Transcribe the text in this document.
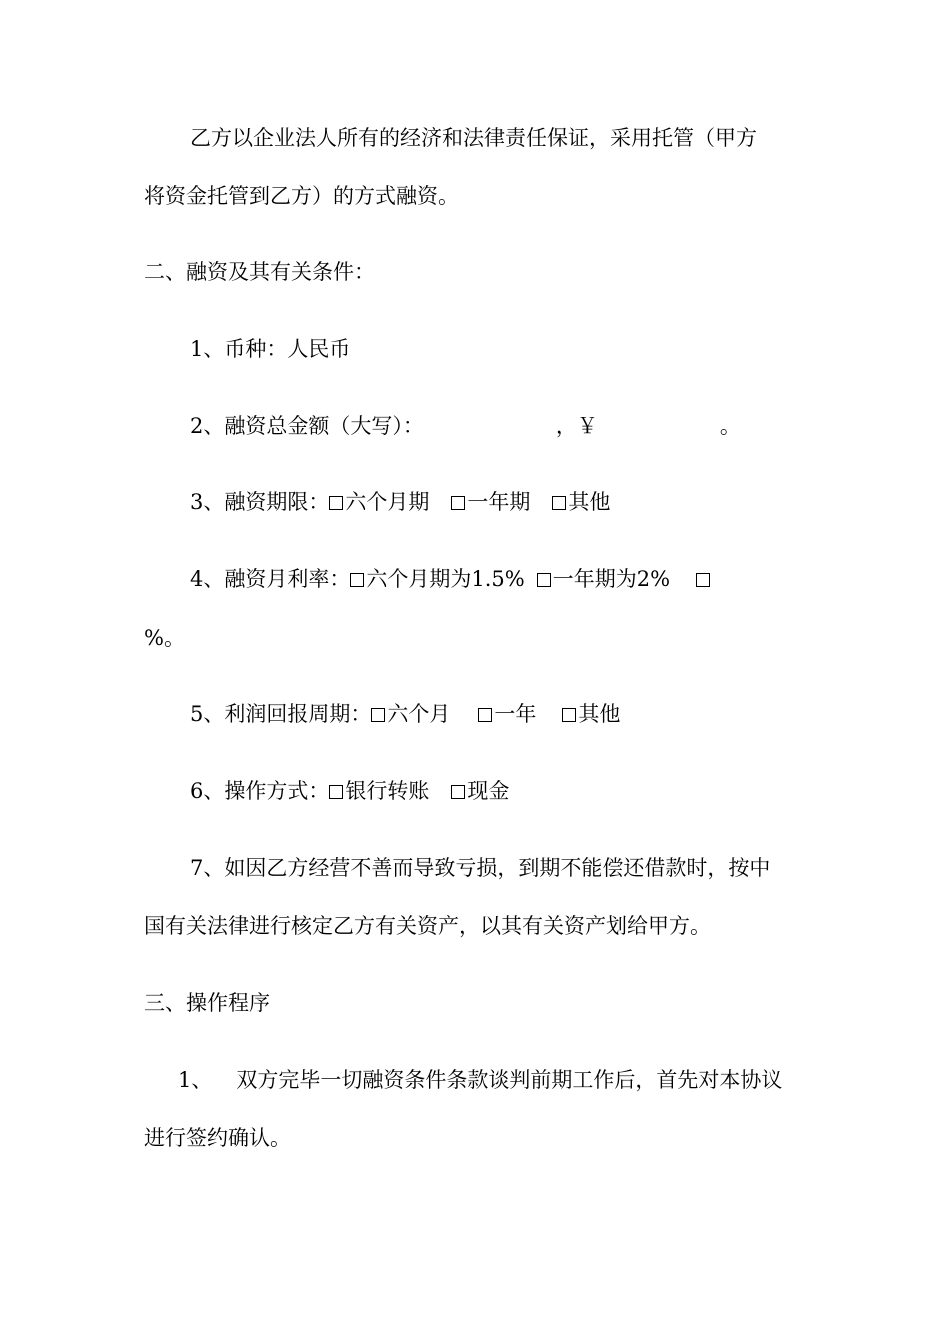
乙方以企业法人所有的经济和法律责任保证，采用托管（甲方
将资金托管到乙方）的方式融资。
二、融资及其有关条件：
1、币种：人民币
2、融资总金额（大写）：	，￥	。
3、融资期限： 六个月期 一年期 其他
4、融资月利率： 六个月期为1.5% 一年期为2%
%。
5、利润回报周期： 六个月 一年 其他
6、操作方式： 银行转账 现金
7、如因乙方经营不善而导致亏损，到期不能偿还借款时，按中
国有关法律进行核定乙方有关资产，以其有关资产划给甲方。
三、操作程序
1、 双方完毕一切融资条件条款谈判前期工作后，首先对本协议
进行签约确认。
